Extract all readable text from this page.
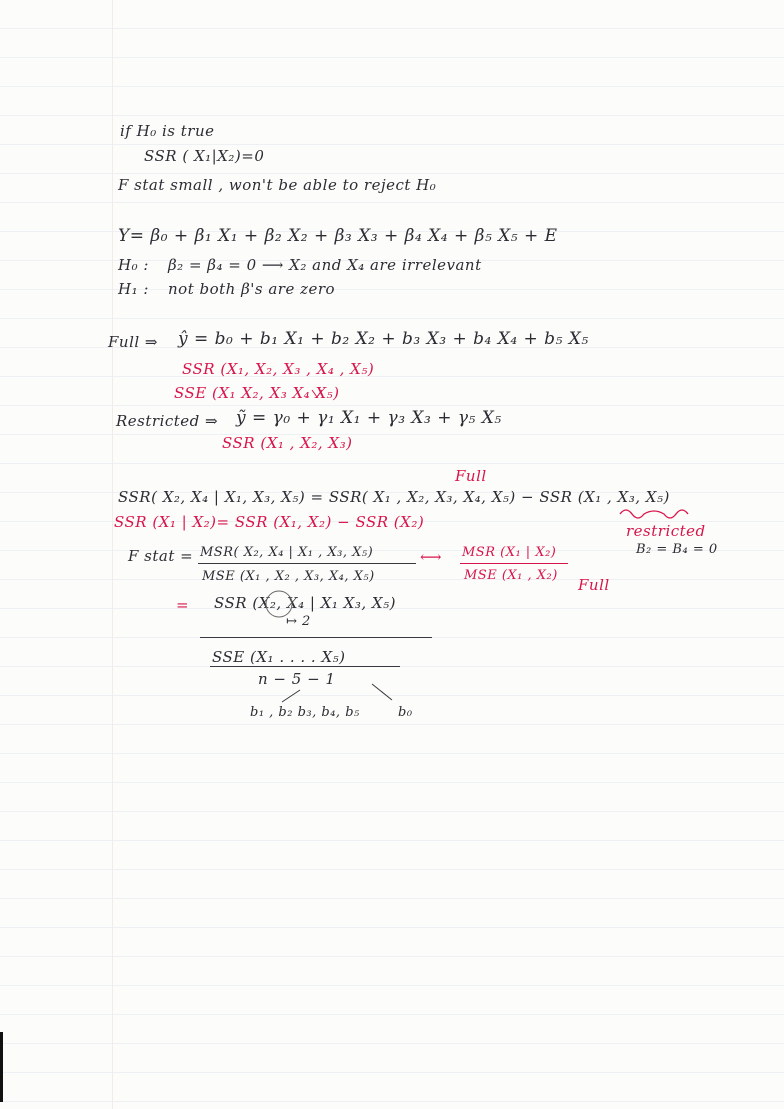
if H₀ is true
SSR ( X₁|X₂)=0
F stat small , won't be able to reject H₀
Y= β₀ + β₁ X₁ + β₂ X₂ + β₃ X₃ + β₄ X₄ + β₅ X₅ + E
H₀ : β₂ = β₄ = 0 ⟶ X₂ and X₄ are irrelevant
H₁ : not both β's are zero
Full ⇒ ŷ = b₀ + b₁ X₁ + b₂ X₂ + b₃ X₃ + b₄ X₄ + b₅ X₅
SSR (X₁, X₂, X₃ , X₄ , X₅)
SSE (X₁ X₂, X₃ X₄ X₅)
Restricted ⇒ ỹ = γ₀ + γ₁ X₁ + γ₃ X₃ + γ₅ X₅
SSR (X₁ , X₂, X₃)
Full
SSR( X₂, X₄ | X₁, X₃, X₅) = SSR( X₁ , X₂, X₃, X₄, X₅) − SSR (X₁ , X₃, X₅)
SSR (X₁ | X₂)= SSR (X₁, X₂) − SSR (X₂)	restricted
B₂ = B₄ = 0
F stat = MSR( X₂, X₄ | X₁ , X₃, X₅)
MSE (X₁ , X₂ , X₃, X₄, X₅)
⟷ MSR (X₁ | X₂)
MSE (X₁ , X₂)
Full
= SSR (X₂, X₄ | X₁ X₃, X₅)
↦ 2
SSE (X₁ . . . . X₅)
n − 5 − 1
b₁ , b₂ b₃, b₄, b₅	b₀
